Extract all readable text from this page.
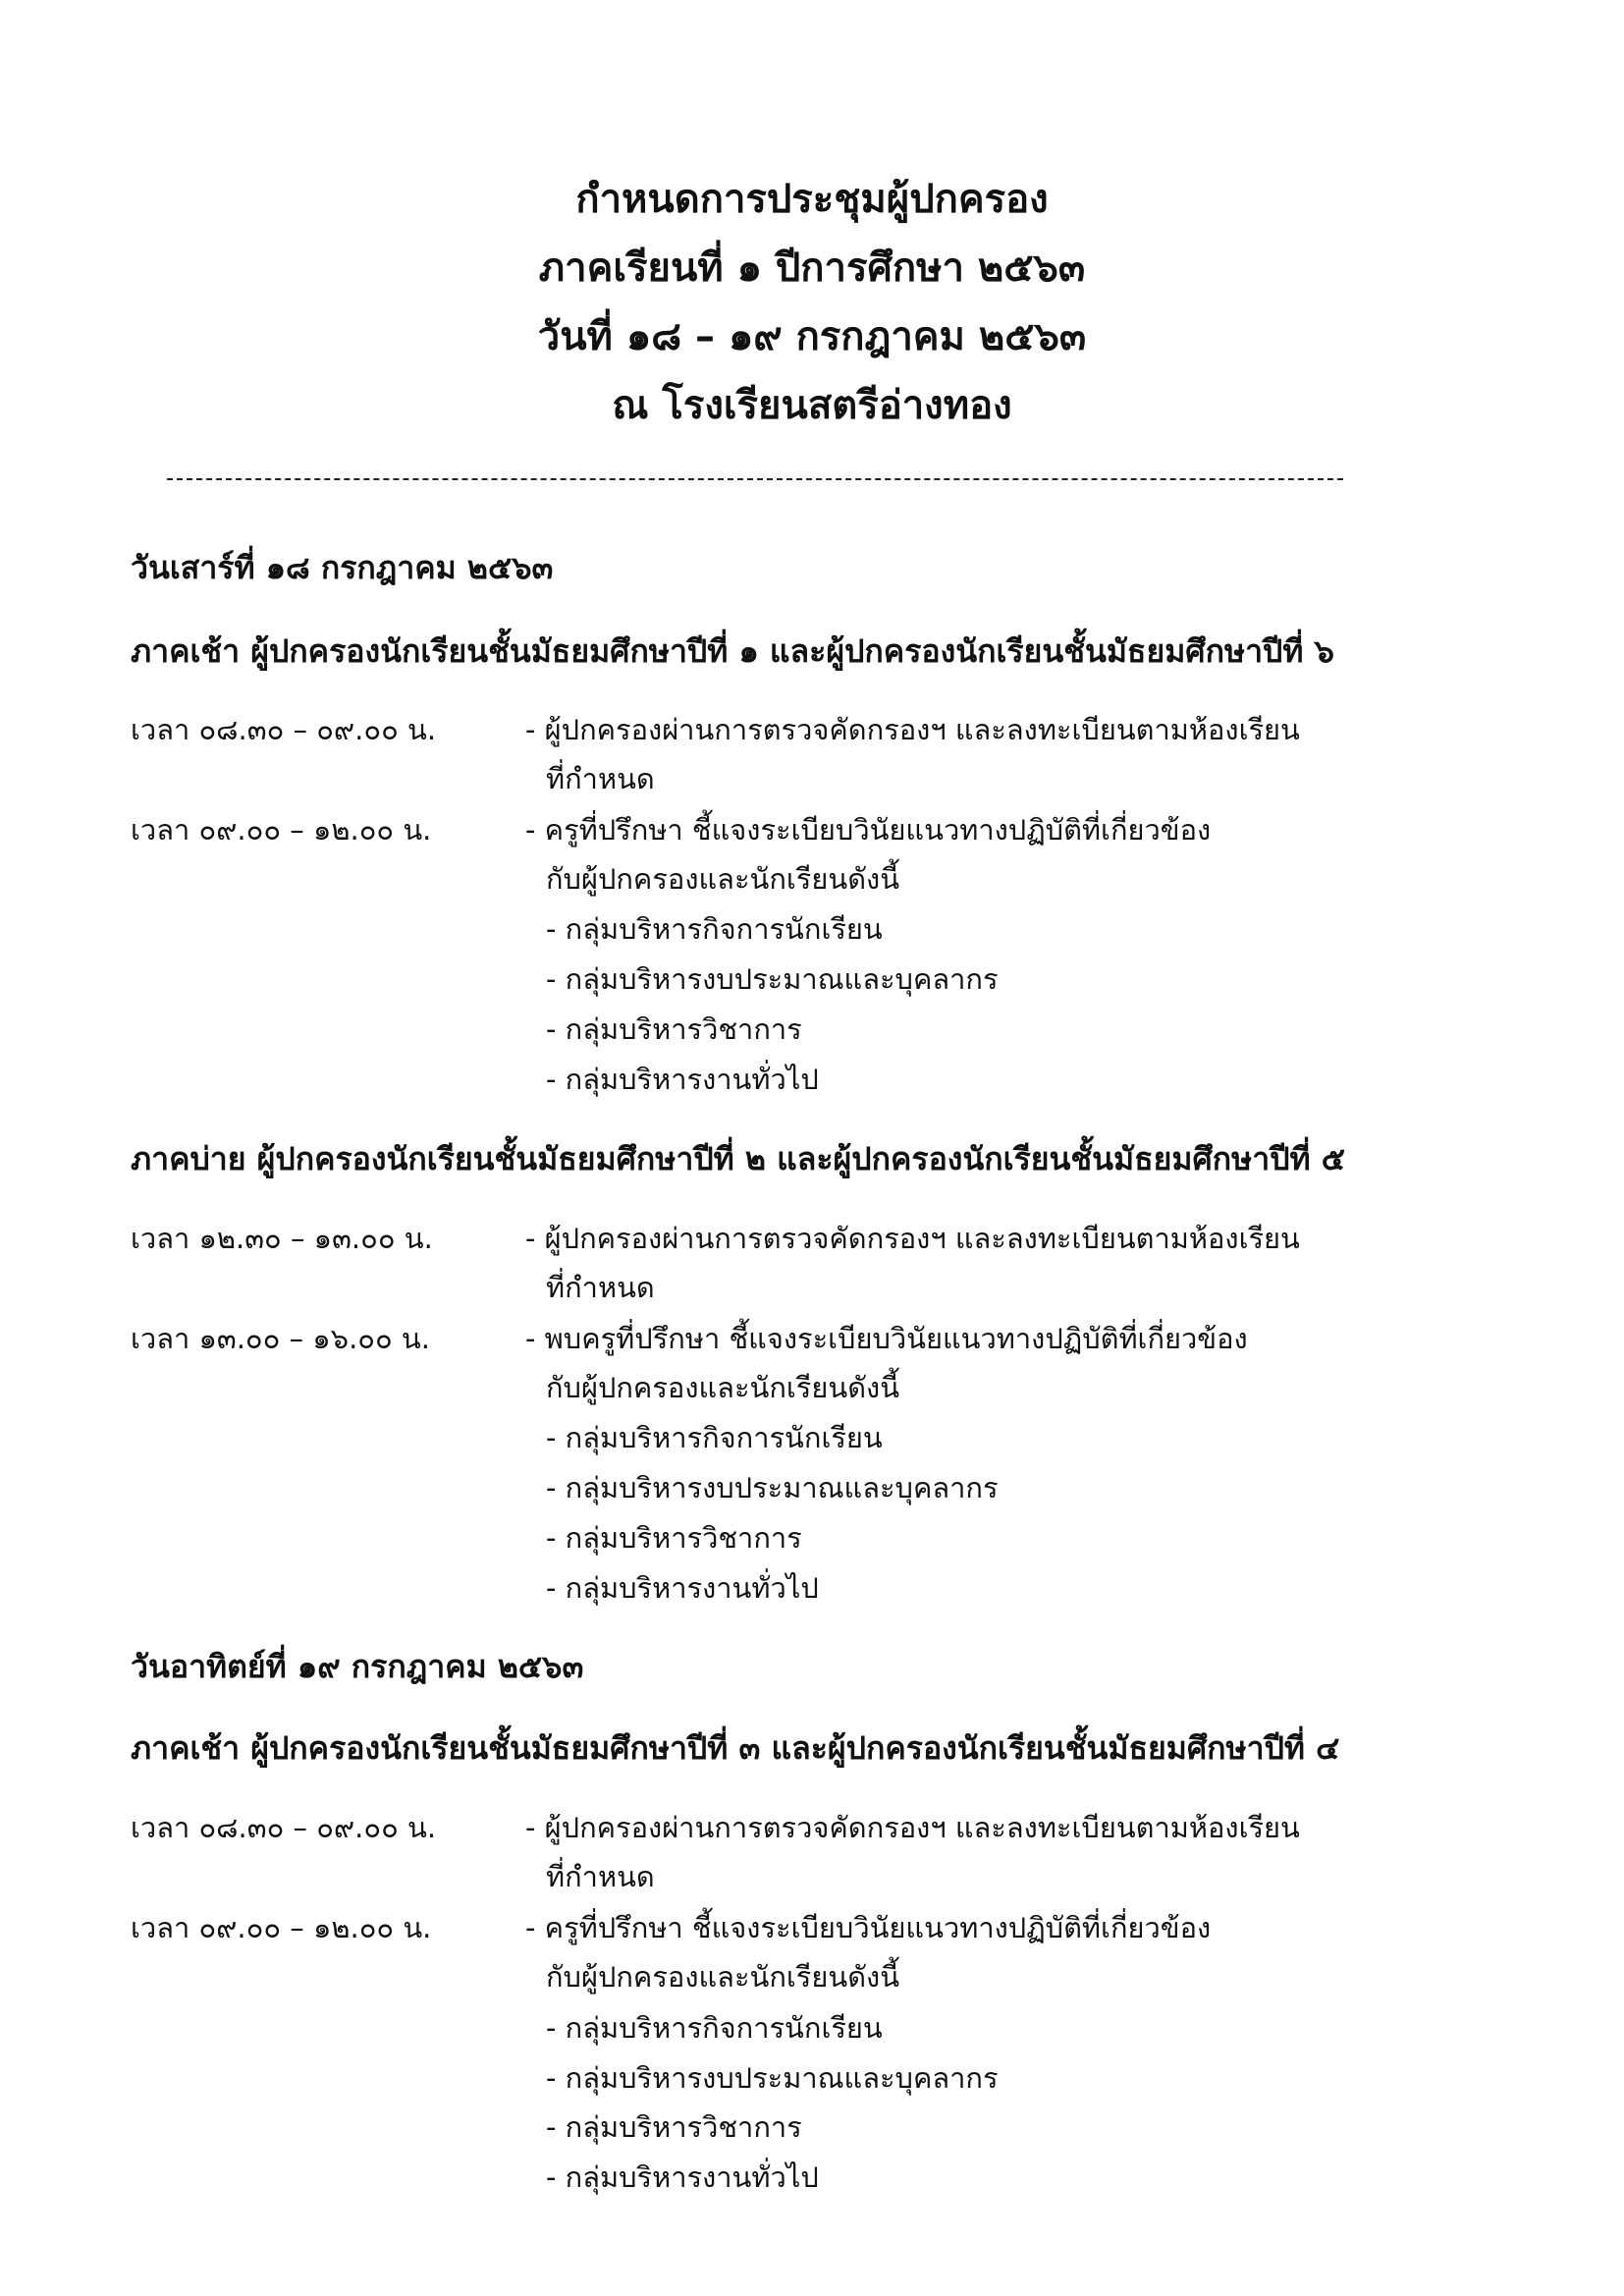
กำหนดการประชุมผู้ปกครอง
ภาคเรียนที่ ๑ ปีการศึกษา ๒๕๖๓
วันที่ ๑๘ – ๑๙ กรกฎาคม ๒๕๖๓
ณ โรงเรียนสตรีอ่างทอง
วันเสาร์ที่ ๑๘ กรกฎาคม ๒๕๖๓
ภาคเช้า ผู้ปกครองนักเรียนชั้นมัธยมศึกษาปีที่ ๑ และผู้ปกครองนักเรียนชั้นมัธยมศึกษาปีที่ ๖
เวลา ๐๘.๓๐ – ๐๙.๐๐ น.	- ผู้ปกครองผ่านการตรวจคัดกรองฯ และลงทะเบียนตามห้องเรียน
ที่กำหนด
เวลา ๐๙.๐๐ – ๑๒.๐๐ น.	- ครูที่ปรึกษา ชี้แจงระเบียบวินัยแนวทางปฏิบัติที่เกี่ยวข้อง
กับผู้ปกครองและนักเรียนดังนี้
- กลุ่มบริหารกิจการนักเรียน
- กลุ่มบริหารงบประมาณและบุคลากร
- กลุ่มบริหารวิชาการ
- กลุ่มบริหารงานทั่วไป
ภาคบ่าย ผู้ปกครองนักเรียนชั้นมัธยมศึกษาปีที่ ๒ และผู้ปกครองนักเรียนชั้นมัธยมศึกษาปีที่ ๕
เวลา ๑๒.๓๐ – ๑๓.๐๐ น.	- ผู้ปกครองผ่านการตรวจคัดกรองฯ และลงทะเบียนตามห้องเรียน
ที่กำหนด
เวลา ๑๓.๐๐ – ๑๖.๐๐ น.	- พบครูที่ปรึกษา ชี้แจงระเบียบวินัยแนวทางปฏิบัติที่เกี่ยวข้อง
กับผู้ปกครองและนักเรียนดังนี้
- กลุ่มบริหารกิจการนักเรียน
- กลุ่มบริหารงบประมาณและบุคลากร
- กลุ่มบริหารวิชาการ
- กลุ่มบริหารงานทั่วไป
วันอาทิตย์ที่ ๑๙ กรกฎาคม ๒๕๖๓
ภาคเช้า ผู้ปกครองนักเรียนชั้นมัธยมศึกษาปีที่ ๓ และผู้ปกครองนักเรียนชั้นมัธยมศึกษาปีที่ ๔
เวลา ๐๘.๓๐ – ๐๙.๐๐ น.	- ผู้ปกครองผ่านการตรวจคัดกรองฯ และลงทะเบียนตามห้องเรียน
ที่กำหนด
เวลา ๐๙.๐๐ – ๑๒.๐๐ น.	- ครูที่ปรึกษา ชี้แจงระเบียบวินัยแนวทางปฏิบัติที่เกี่ยวข้อง
กับผู้ปกครองและนักเรียนดังนี้
- กลุ่มบริหารกิจการนักเรียน
- กลุ่มบริหารงบประมาณและบุคลากร
- กลุ่มบริหารวิชาการ
- กลุ่มบริหารงานทั่วไป
